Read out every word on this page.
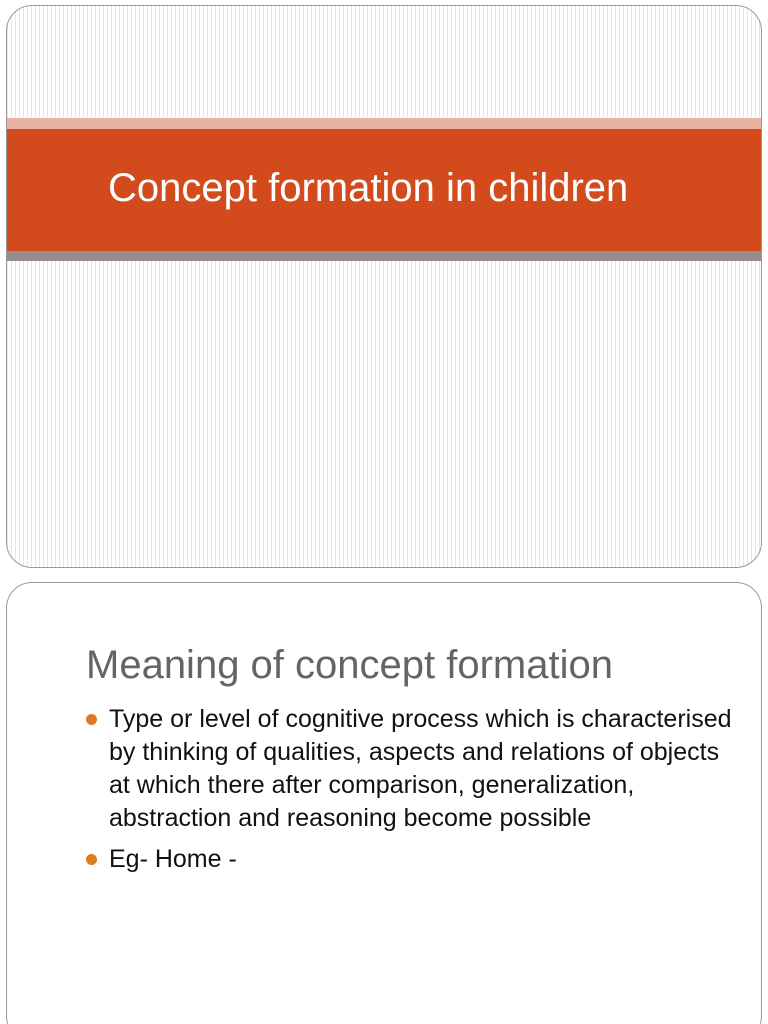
Concept formation in children
Meaning of concept formation
Type or level of cognitive process which is characterised by thinking of qualities, aspects and relations of objects at which there after comparison, generalization, abstraction and reasoning become possible
Eg- Home -
